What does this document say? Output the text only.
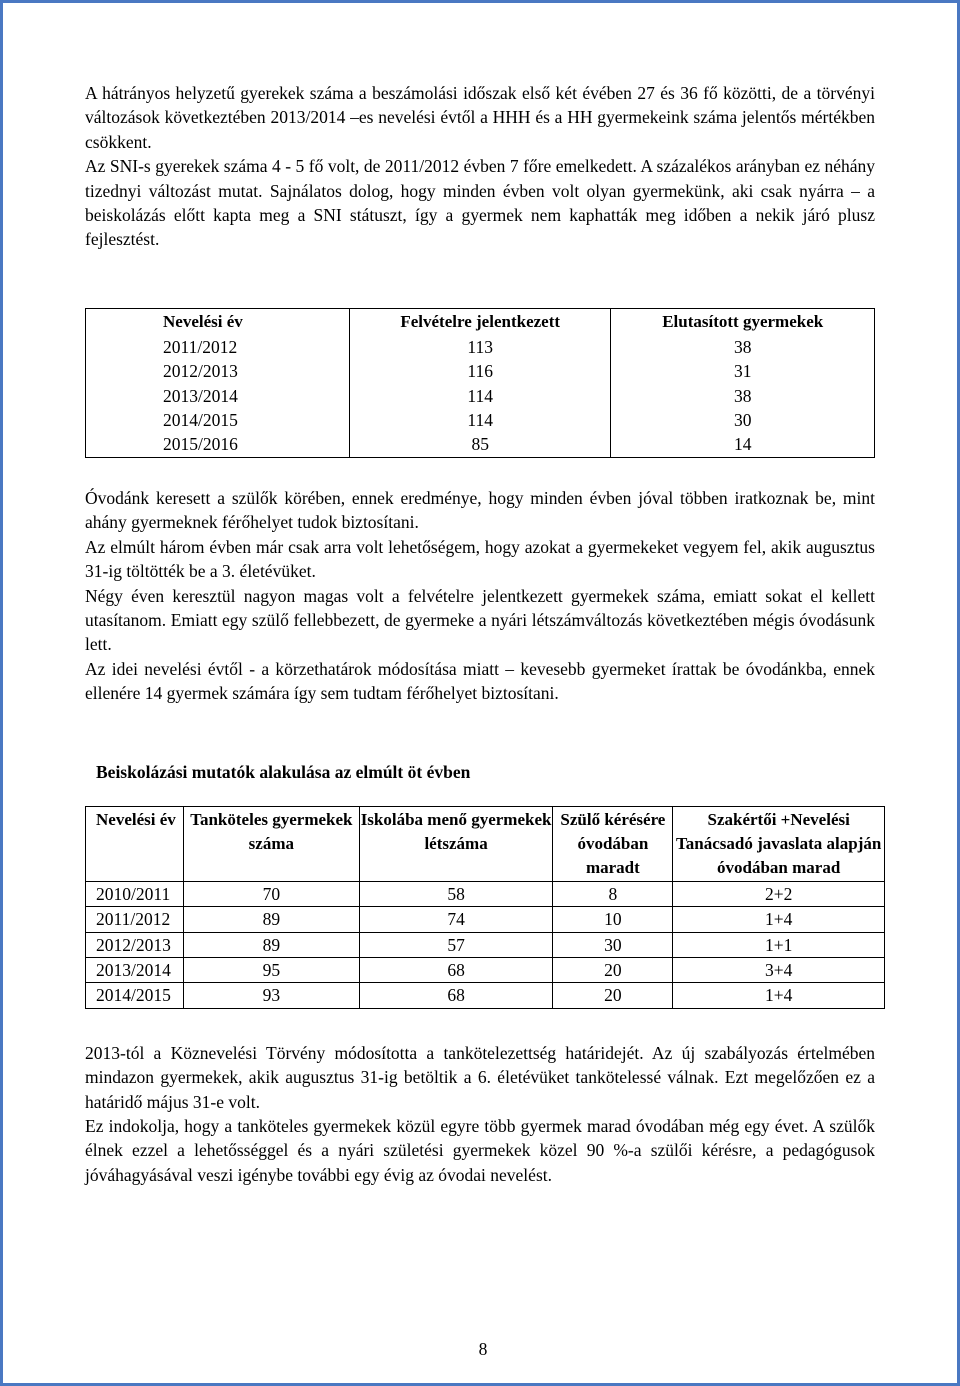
A hátrányos helyzetű gyerekek száma a beszámolási időszak első két évében 27 és 36 fő közötti, de a törvényi változások következtében 2013/2014 –es nevelési évtől a HHH és a HH gyermekeink száma jelentős mértékben csökkent.

Az SNI-s gyerekek száma 4 - 5 fő volt, de 2011/2012 évben 7 főre emelkedett. A százalékos arányban ez néhány tizednyi változást mutat. Sajnálatos dolog, hogy minden évben volt olyan gyermekünk, aki csak nyárra – a beiskolázás előtt kapta meg a SNI státuszt, így a gyermek nem kaphatták meg időben a nekik járó plusz fejlesztést.

Nevelési év	Felvételre jelentkezett	Elutasított gyermekek
2011/2012	113	38
2012/2013	116	31
2013/2014	114	38
2014/2015	114	30
2015/2016	85	14

Óvodánk keresett a szülők körében, ennek eredménye, hogy minden évben jóval többen iratkoznak be, mint ahány gyermeknek férőhelyet tudok biztosítani.

Az elmúlt három évben már csak arra volt lehetőségem, hogy azokat a gyermekeket vegyem fel, akik augusztus 31-ig töltötték be a 3. életévüket.

Négy éven keresztül nagyon magas volt a felvételre jelentkezett gyermekek száma, emiatt sokat el kellett utasítanom. Emiatt egy szülő fellebbezett, de gyermeke a nyári létszámváltozás következtében mégis óvodásunk lett.

Az idei nevelési évtől - a körzethatárok módosítása miatt – kevesebb gyermeket írattak be óvodánkba, ennek ellenére 14 gyermek számára így sem tudtam férőhelyet biztosítani.

Beiskolázási mutatók alakulása az elmúlt öt évben
Nevelési év	Tanköteles gyermekek száma	Iskolába menő gyermekek létszáma	Szülő kérésére óvodában maradt	Szakértői +Nevelési Tanácsadó javaslata alapján óvodában marad
2010/2011	70	58	8	2+2
2011/2012	89	74	10	1+4
2012/2013	89	57	30	1+1
2013/2014	95	68	20	3+4
2014/2015	93	68	20	1+4

2013-tól a Köznevelési Törvény módosította a tankötelezettség határidejét. Az új szabályozás értelmében mindazon gyermekek, akik augusztus 31-ig betöltik a 6. életévüket tankötelessé válnak. Ezt megelőzően ez a határidő május 31-e volt.

Ez indokolja, hogy a tanköteles gyermekek közül egyre több gyermek marad óvodában még egy évet. A szülők élnek ezzel a lehetősséggel és a nyári születési gyermekek közel 90 %-a szülői kérésre, a pedagógusok jóváhagyásával veszi igénybe további egy évig az óvodai nevelést.

8
